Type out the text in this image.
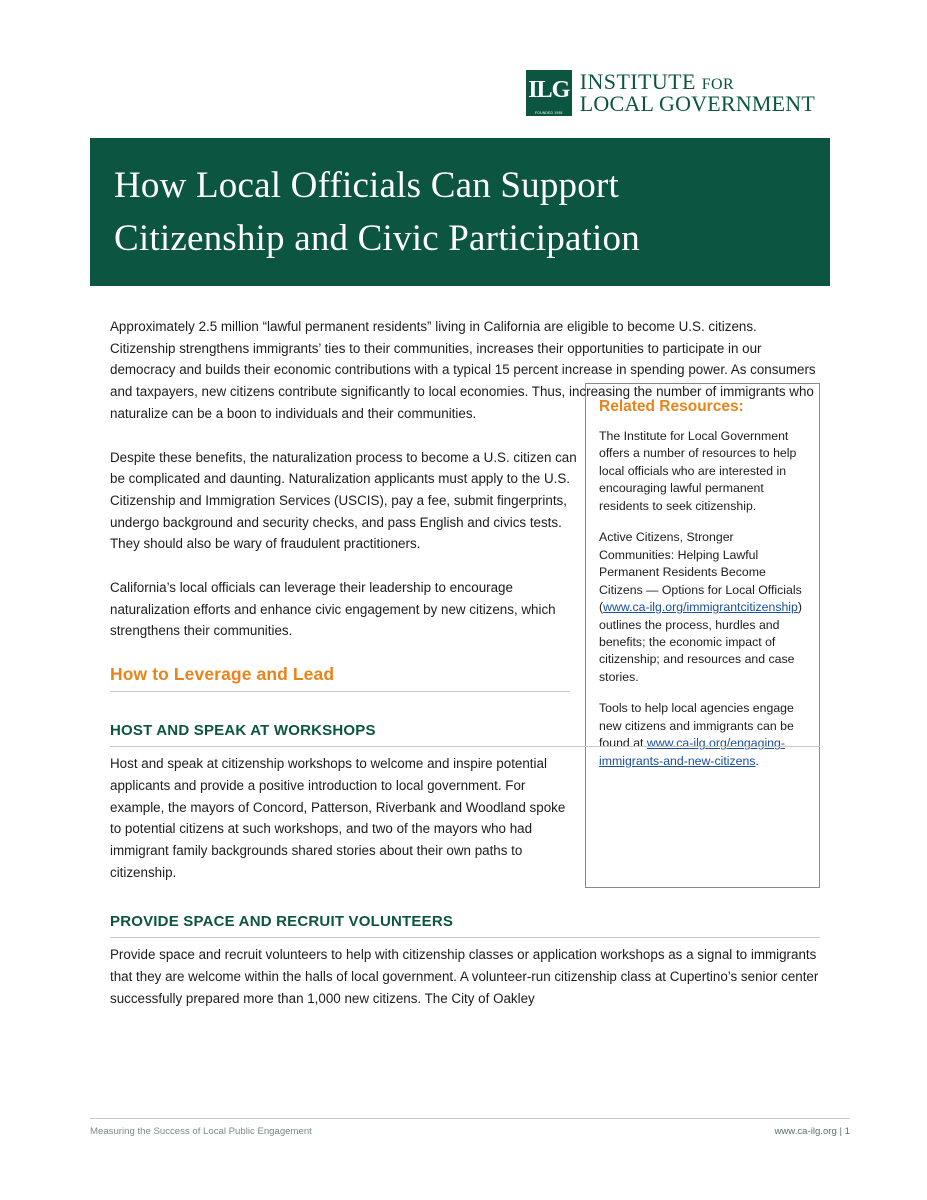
ILG
FOUNDED 1955
INSTITUTE FOR
LOCAL GOVERNMENT
How Local Officials Can Support Citizenship and Civic Participation
Related Resources:

The Institute for Local Government offers a number of resources to help local officials who are interested in encouraging lawful permanent residents to seek citizenship.

Active Citizens, Stronger Communities: Helping Lawful Permanent Residents Become Citizens — Options for Local Officials (www.ca-ilg.org/immigrantcitizenship) outlines the process, hurdles and benefits; the economic impact of citizenship; and resources and case stories.

Tools to help local agencies engage new citizens and immigrants can be found at www.ca-ilg.org/engaging-immigrants-and-new-citizens.

Approximately 2.5 million “lawful permanent residents” living in California are eligible to become U.S. citizens. Citizenship strengthens immigrants’ ties to their communities, increases their opportunities to participate in our democracy and builds their economic contributions with a typical 15 percent increase in spending power. As consumers and taxpayers, new citizens contribute significantly to local economies. Thus, increasing the number of immigrants who naturalize can be a boon to individuals and their communities.

Despite these benefits, the naturalization process to become a U.S. citizen can be complicated and daunting. Naturalization applicants must apply to the U.S. Citizenship and Immigration Services (USCIS), pay a fee, submit fingerprints, undergo background and security checks, and pass English and civics tests. They should also be wary of fraudulent practitioners.

California’s local officials can leverage their leadership to encourage naturalization efforts and enhance civic engagement by new citizens, which strengthens their communities.

How to Leverage and Lead
HOST AND SPEAK AT WORKSHOPS

Host and speak at citizenship workshops to welcome and inspire potential applicants and provide a positive introduction to local government. For example, the mayors of Concord, Patterson, Riverbank and Woodland spoke to potential citizens at such workshops, and two of the mayors who had immigrant family backgrounds shared stories about their own paths to citizenship.

PROVIDE SPACE AND RECRUIT VOLUNTEERS

Provide space and recruit volunteers to help with citizenship classes or application workshops as a signal to immigrants that they are welcome within the halls of local government. A volunteer-run citizenship class at Cupertino’s senior center successfully prepared more than 1,000 new citizens. The City of Oakley

Measuring the Success of Local Public Engagement	www.ca-ilg.org | 1
